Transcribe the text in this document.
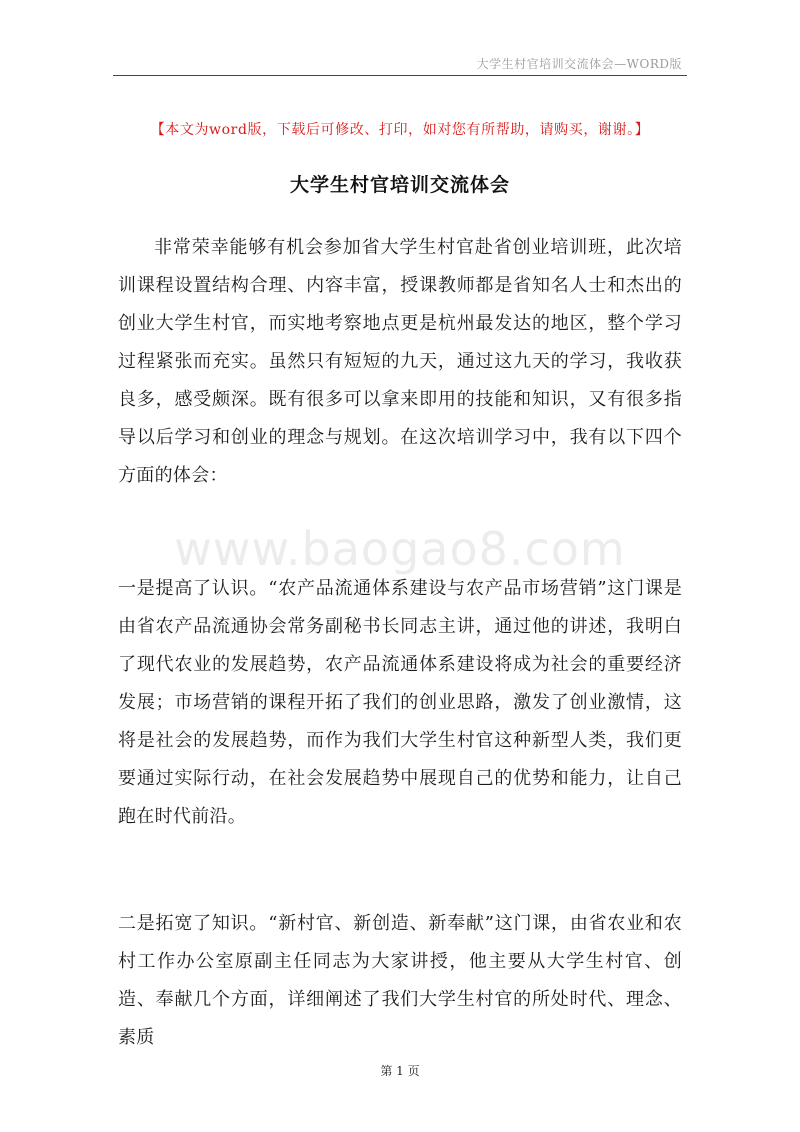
大学生村官培训交流体会—WORD版
【本文为word版，下载后可修改、打印，如对您有所帮助，请购买，谢谢。】
大学生村官培训交流体会

非常荣幸能够有机会参加省大学生村官赴省创业培训班，此次培训课程设置结构合理、内容丰富，授课教师都是省知名人士和杰出的创业大学生村官，而实地考察地点更是杭州最发达的地区，整个学习过程紧张而充实。虽然只有短短的九天，通过这九天的学习，我收获良多，感受颇深。既有很多可以拿来即用的技能和知识，又有很多指导以后学习和创业的理念与规划。在这次培训学习中，我有以下四个方面的体会：

www.baogao8.com

一是提高了认识。“农产品流通体系建设与农产品市场营销”这门课是由省农产品流通协会常务副秘书长同志主讲，通过他的讲述，我明白了现代农业的发展趋势，农产品流通体系建设将成为社会的重要经济发展；市场营销的课程开拓了我们的创业思路，激发了创业激情，这将是社会的发展趋势，而作为我们大学生村官这种新型人类，我们更要通过实际行动，在社会发展趋势中展现自己的优势和能力，让自己跑在时代前沿。

二是拓宽了知识。“新村官、新创造、新奉献”这门课，由省农业和农村工作办公室原副主任同志为大家讲授，他主要从大学生村官、创造、奉献几个方面，详细阐述了我们大学生村官的所处时代、理念、素质

第 1 页
